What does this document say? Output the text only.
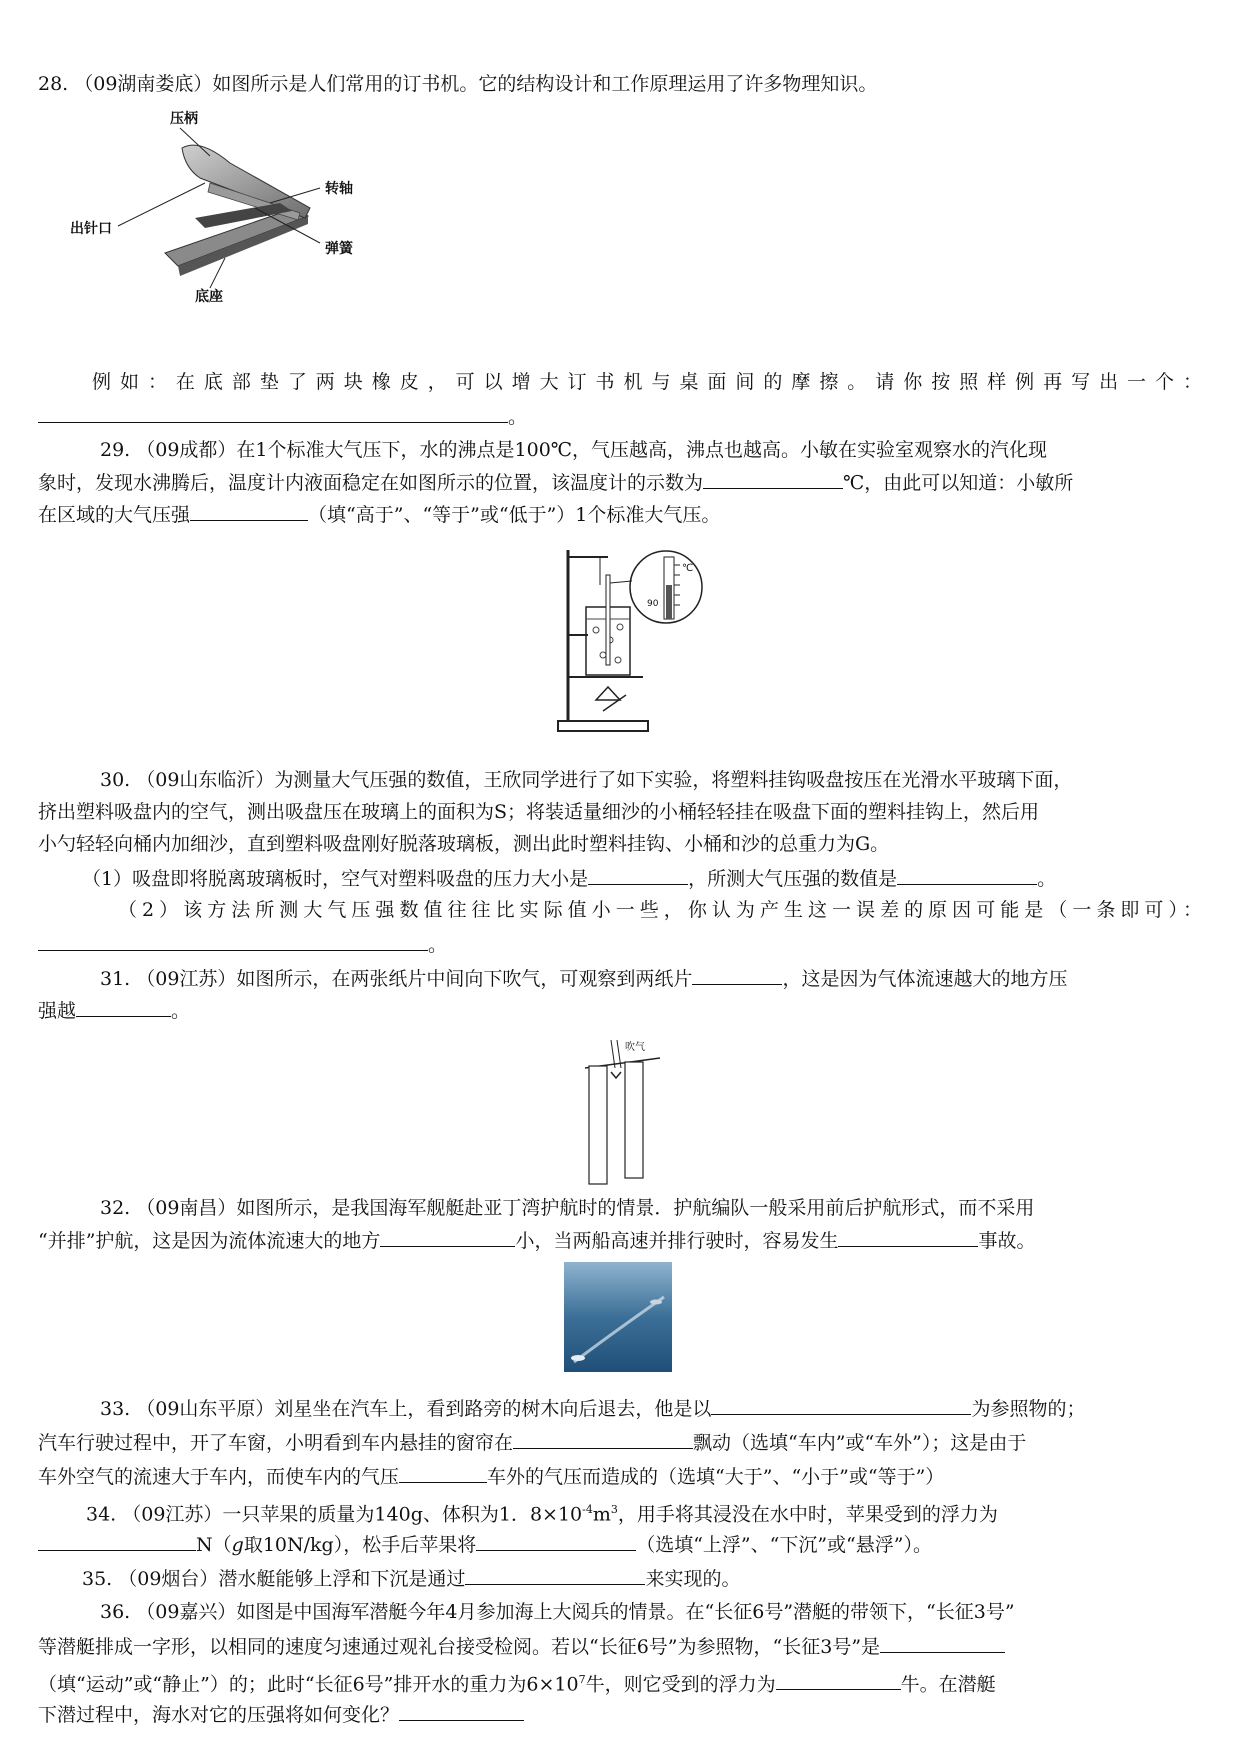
28. （09湖南娄底）如图所示是人们常用的订书机。它的结构设计和工作原理运用了许多物理知识。
压柄
转轴
出针口
弹簧
底座
例如：在底部垫了两块橡皮，可以增大订书机与桌面间的摩擦。请你按照样例再写出一个：
。
29. （09成都）在1个标准大气压下，水的沸点是100℃，气压越高，沸点也越高。小敏在实验室观察水的汽化现
象时，发现水沸腾后，温度计内液面稳定在如图所示的位置，该温度计的示数为	℃，由此可以知道：小敏所
在区域的大气压强	（填“高于”、“等于”或“低于”）1个标准大气压。
℃
90
30. （09山东临沂）为测量大气压强的数值，王欣同学进行了如下实验，将塑料挂钩吸盘按压在光滑水平玻璃下面，
挤出塑料吸盘内的空气，测出吸盘压在玻璃上的面积为S；将装适量细沙的小桶轻轻挂在吸盘下面的塑料挂钩上，然后用
小勺轻轻向桶内加细沙，直到塑料吸盘刚好脱落玻璃板，测出此时塑料挂钩、小桶和沙的总重力为G。
（1）吸盘即将脱离玻璃板时，空气对塑料吸盘的压力大小是	，所测大气压强的数值是	。
（2）该方法所测大气压强数值往往比实际值小一些，你认为产生这一误差的原因可能是（一条即可）：
。
31. （09江苏）如图所示，在两张纸片中间向下吹气，可观察到两纸片	，这是因为气体流速越大的地方压
强越	。
吹气
32. （09南昌）如图所示，是我国海军舰艇赴亚丁湾护航时的情景．护航编队一般采用前后护航形式，而不采用
“并排”护航，这是因为流体流速大的地方	小，当两船高速并排行驶时，容易发生	事故。
33. （09山东平原）刘星坐在汽车上，看到路旁的树木向后退去，他是以	为参照物的；
汽车行驶过程中，开了车窗，小明看到车内悬挂的窗帘在	飘动（选填“车内”或“车外”）；这是由于
车外空气的流速大于车内，而使车内的气压	车外的气压而造成的（选填“大于”、“小于”或“等于”）
34. （09江苏）一只苹果的质量为140g、体积为1．$8\times 10^{-4}m^3$，用手将其浸没在水中时，苹果受到的浮力为
N（g取10N/kg），松手后苹果将	（选填“上浮”、“下沉”或“悬浮”）。
35. （09烟台）潜水艇能够上浮和下沉是通过	来实现的。
36. （09嘉兴）如图是中国海军潜艇今年4月参加海上大阅兵的情景。在“长征6号”潜艇的带领下，“长征3号”
等潜艇排成一字形，以相同的速度匀速通过观礼台接受检阅。若以“长征6号”为参照物，“长征3号”是
（填“运动”或“静止”）的；此时“长征6号”排开水的重力为$6\times 10^7$牛，则它受到的浮力为	牛。在潜艇
下潜过程中，海水对它的压强将如何变化？
